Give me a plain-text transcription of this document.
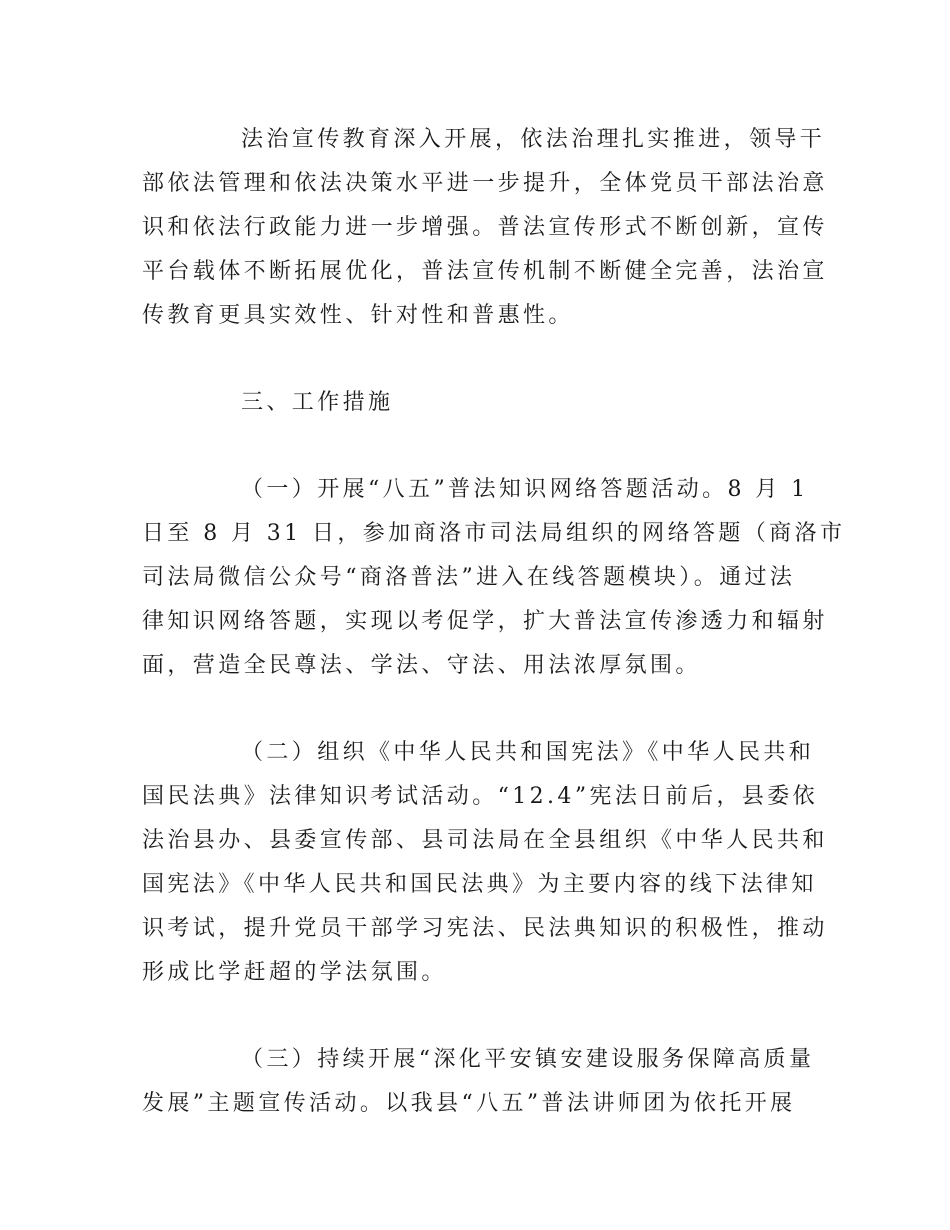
法治宣传教育深入开展，依法治理扎实推进，领导干

部依法管理和依法决策水平进一步提升，全体党员干部法治意

识和依法行政能力进一步增强。普法宣传形式不断创新，宣传

平台载体不断拓展优化，普法宣传机制不断健全完善，法治宣

传教育更具实效性、针对性和普惠性。

三、工作措施

（一）开展“八五”普法知识网络答题活动。8 月 1

日至 8 月 31 日，参加商洛市司法局组织的网络答题（商洛市

司法局微信公众号“商洛普法”进入在线答题模块）。通过法

律知识网络答题，实现以考促学，扩大普法宣传渗透力和辐射

面，营造全民尊法、学法、守法、用法浓厚氛围。

（二）组织《中华人民共和国宪法》《中华人民共和

国民法典》法律知识考试活动。“12.4”宪法日前后，县委依

法治县办、县委宣传部、县司法局在全县组织《中华人民共和

国宪法》《中华人民共和国民法典》为主要内容的线下法律知

识考试，提升党员干部学习宪法、民法典知识的积极性，推动

形成比学赶超的学法氛围。

（三）持续开展“深化平安镇安建设服务保障高质量

发展”主题宣传活动。以我县“八五”普法讲师团为依托开展
